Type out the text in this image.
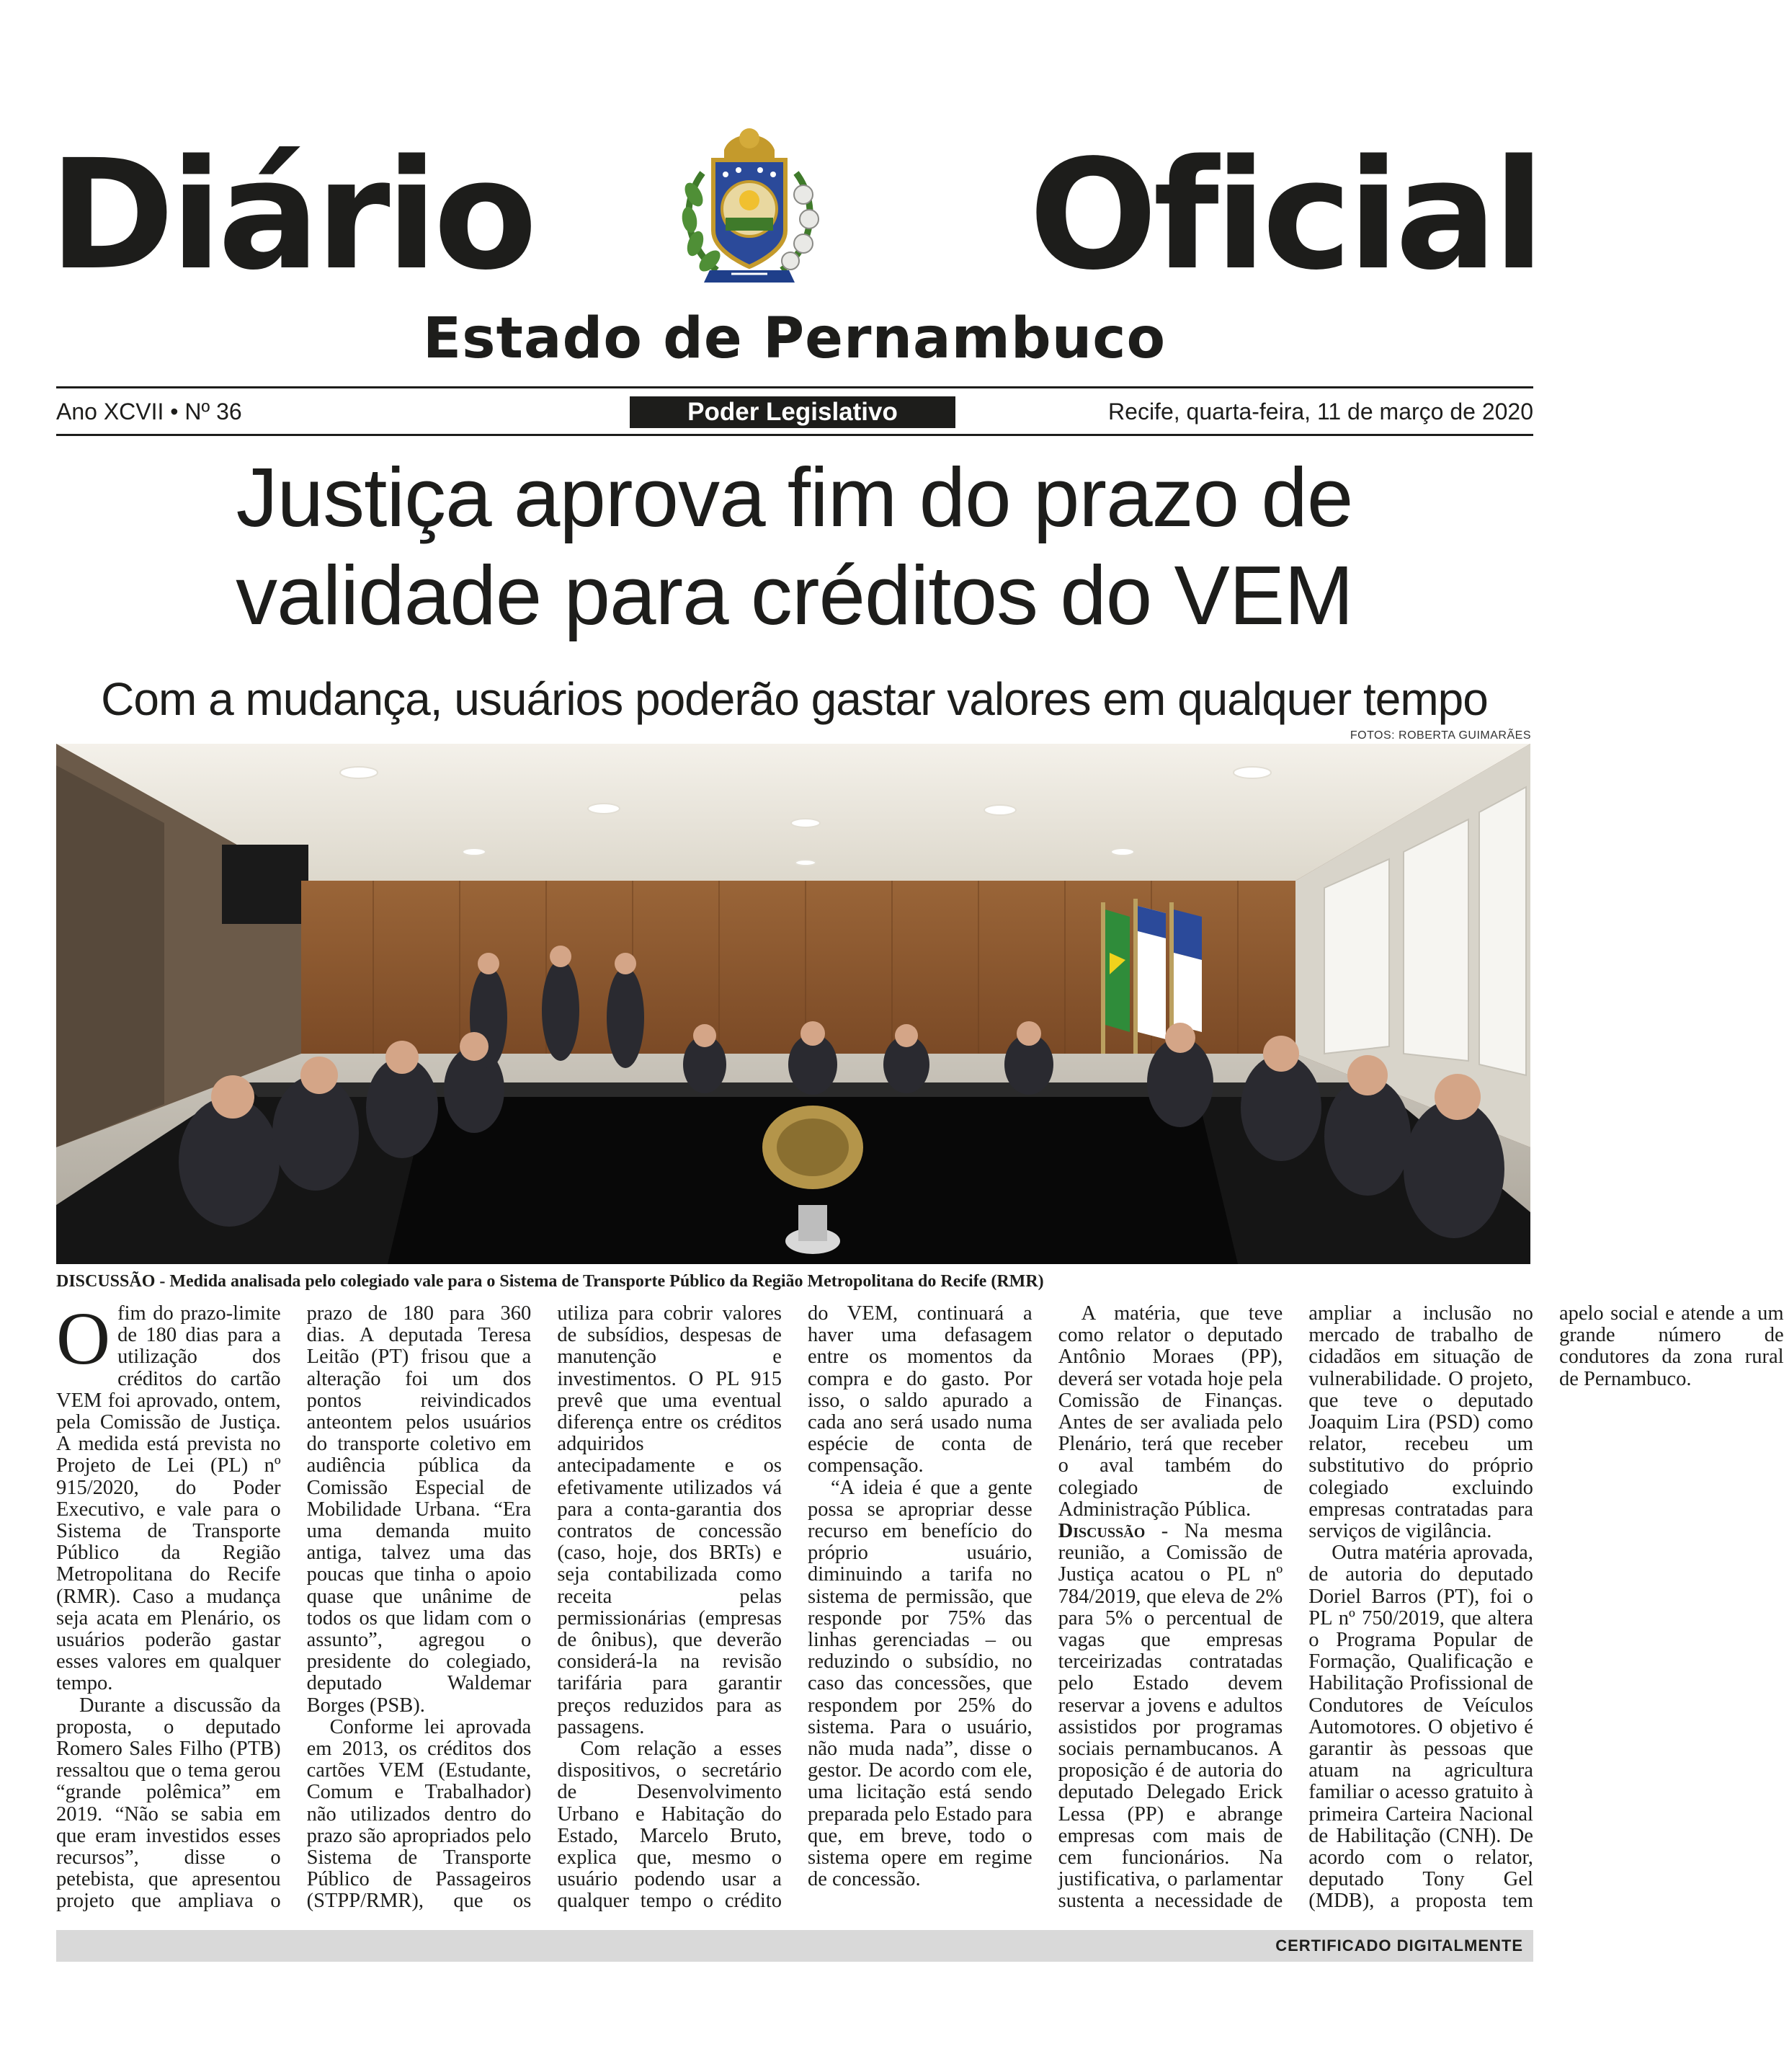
Diário	Oficial
Estado de Pernambuco
Ano XCVII • Nº 36	Poder Legislativo	Recife, quarta-feira, 11 de março de 2020
Justiça aprova fim do prazo de
validade para créditos do VEM
Com a mudança, usuários poderão gastar valores em qualquer tempo
FOTOS: ROBERTA GUIMARÃES
DISCUSSÃO - Medida analisada pelo colegiado vale para o Sistema de Transporte Público da Região Metropolitana do Recife (RMR)

Ofim do prazo-limite de 180 dias para a utilização dos créditos do cartão VEM foi aprovado, ontem, pela Comissão de Justiça. A medida está prevista no Projeto de Lei (PL) nº 915/2020, do Poder Executivo, e vale para o Sistema de Transporte Público da Região Metropolitana do Recife (RMR). Caso a mudança seja acata em Plenário, os usuários poderão gastar esses valores em qualquer tempo.

Durante a discussão da proposta, o deputado Romero Sales Filho (PTB) ressaltou que o tema gerou “grande polêmica” em 2019. “Não se sabia em que eram investidos esses recursos”, disse o petebista, que apresentou projeto que ampliava o prazo de 180 para 360 dias. A deputada Teresa Leitão (PT) frisou que a alteração foi um dos pontos reivindicados anteontem pelos usuários do transporte coletivo em audiência pública da Comissão Especial de Mobilidade Urbana. “Era uma demanda muito antiga, talvez uma das poucas que tinha o apoio quase que unânime de todos os que lidam com o assunto”, agregou o presidente do colegiado, deputado Waldemar Borges (PSB).

Conforme lei aprovada em 2013, os créditos dos cartões VEM (Estudante, Comum e Trabalhador) não utilizados dentro do prazo são apropriados pelo Sistema de Transporte Público de Passageiros (STPP/RMR), que os utiliza para cobrir valores de subsídios, despesas de manutenção e investimentos. O PL 915 prevê que uma eventual diferença entre os créditos adquiridos antecipadamente e os efetivamente utilizados vá para a conta-garantia dos contratos de concessão (caso, hoje, dos BRTs) e seja contabilizada como receita pelas permissionárias (empresas de ônibus), que deverão considerá-la na revisão tarifária para garantir preços reduzidos para as passagens.

Com relação a esses dispositivos, o secretário de Desenvolvimento Urbano e Habitação do Estado, Marcelo Bruto, explica que, mesmo o usuário podendo usar a qualquer tempo o crédito do VEM, continuará a haver uma defasagem entre os momentos da compra e do gasto. Por isso, o saldo apurado a cada ano será usado numa espécie de conta de compensação.

“A ideia é que a gente possa se apropriar desse recurso em benefício do próprio usuário, diminuindo a tarifa no sistema de permissão, que responde por 75% das linhas gerenciadas – ou reduzindo o subsídio, no caso das concessões, que respondem por 25% do sistema. Para o usuário, não muda nada”, disse o gestor. De acordo com ele, uma licitação está sendo preparada pelo Estado para que, em breve, todo o sistema opere em regime de concessão.

A matéria, que teve como relator o deputado Antônio Moraes (PP), deverá ser votada hoje pela Comissão de Finanças. Antes de ser avaliada pelo Plenário, terá que receber o aval também do colegiado de Administração Pública.

Discussão - Na mesma reunião, a Comissão de Justiça acatou o PL nº 784/2019, que eleva de 2% para 5% o percentual de vagas que empresas terceirizadas contratadas pelo Estado devem reservar a jovens e adultos assistidos por programas sociais pernambucanos. A proposição é de autoria do deputado Delegado Erick Lessa (PP) e abrange empresas com mais de cem funcionários. Na justificativa, o parlamentar sustenta a necessidade de ampliar a inclusão no mercado de trabalho de cidadãos em situação de vulnerabilidade. O projeto, que teve o deputado Joaquim Lira (PSD) como relator, recebeu um substitutivo do próprio colegiado excluindo empresas contratadas para serviços de vigilância.

Outra matéria aprovada, de autoria do deputado Doriel Barros (PT), foi o PL nº 750/2019, que altera o Programa Popular de Formação, Qualificação e Habilitação Profissional de Condutores de Veículos Automotores. O objetivo é garantir às pessoas que atuam na agricultura familiar o acesso gratuito à primeira Carteira Nacional de Habilitação (CNH). De acordo com o relator, deputado Tony Gel (MDB), a proposta tem apelo social e atende a um grande número de condutores da zona rural de Pernambuco.

CERTIFICADO DIGITALMENTE
